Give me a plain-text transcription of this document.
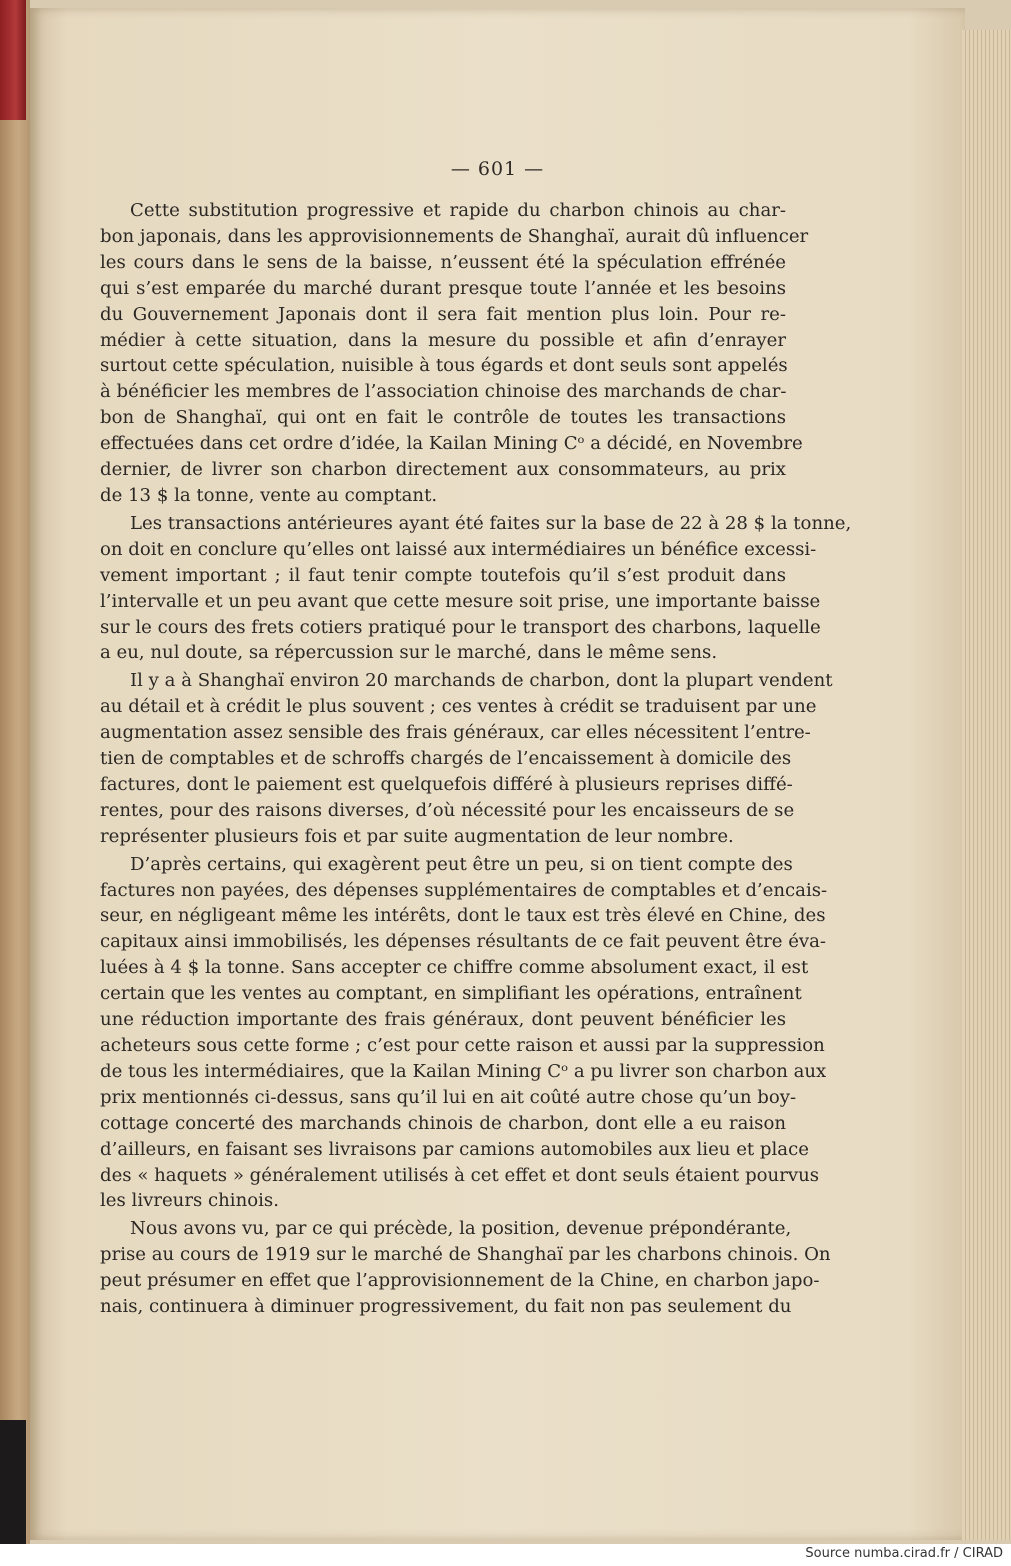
— 601 —

Cette substitution progressive et rapide du charbon chinois au char-
bon japonais, dans les approvisionnements de Shanghaï, aurait dû influencer
les cours dans le sens de la baisse, n’eussent été la spéculation effrénée
qui s’est emparée du marché durant presque toute l’année et les besoins
du Gouvernement Japonais dont il sera fait mention plus loin. Pour re-
médier à cette situation, dans la mesure du possible et afin d’enrayer
surtout cette spéculation, nuisible à tous égards et dont seuls sont appelés
à bénéficier les membres de l’association chinoise des marchands de char-
bon de Shanghaï, qui ont en fait le contrôle de toutes les transactions
effectuées dans cet ordre d’idée, la Kailan Mining Cᵒ a décidé, en Novembre
dernier, de livrer son charbon directement aux consommateurs, au prix
de 13 $ la tonne, vente au comptant.

Les transactions antérieures ayant été faites sur la base de 22 à 28 $ la tonne,
on doit en conclure qu’elles ont laissé aux intermédiaires un bénéfice excessi-
vement important ; il faut tenir compte toutefois qu’il s’est produit dans
l’intervalle et un peu avant que cette mesure soit prise, une importante baisse
sur le cours des frets cotiers pratiqué pour le transport des charbons, laquelle
a eu, nul doute, sa répercussion sur le marché, dans le même sens.

Il y a à Shanghaï environ 20 marchands de charbon, dont la plupart vendent
au détail et à crédit le plus souvent ; ces ventes à crédit se traduisent par une
augmentation assez sensible des frais généraux, car elles nécessitent l’entre-
tien de comptables et de schroffs chargés de l’encaissement à domicile des
factures, dont le paiement est quelquefois différé à plusieurs reprises diffé-
rentes, pour des raisons diverses, d’où nécessité pour les encaisseurs de se
représenter plusieurs fois et par suite augmentation de leur nombre.

D’après certains, qui exagèrent peut être un peu, si on tient compte des
factures non payées, des dépenses supplémentaires de comptables et d’encais-
seur, en négligeant même les intérêts, dont le taux est très élevé en Chine, des
capitaux ainsi immobilisés, les dépenses résultants de ce fait peuvent être éva-
luées à 4 $ la tonne. Sans accepter ce chiffre comme absolument exact, il est
certain que les ventes au comptant, en simplifiant les opérations, entraînent
une réduction importante des frais généraux, dont peuvent bénéficier les
acheteurs sous cette forme ; c’est pour cette raison et aussi par la suppression
de tous les intermédiaires, que la Kailan Mining Cᵒ a pu livrer son charbon aux
prix mentionnés ci-dessus, sans qu’il lui en ait coûté autre chose qu’un boy-
cottage concerté des marchands chinois de charbon, dont elle a eu raison
d’ailleurs, en faisant ses livraisons par camions automobiles aux lieu et place
des « haquets » généralement utilisés à cet effet et dont seuls étaient pourvus
les livreurs chinois.

Nous avons vu, par ce qui précède, la position, devenue prépondérante,
prise au cours de 1919 sur le marché de Shanghaï par les charbons chinois. On
peut présumer en effet que l’approvisionnement de la Chine, en charbon japo-
nais, continuera à diminuer progressivement, du fait non pas seulement du

Source numba.cirad.fr / CIRAD
